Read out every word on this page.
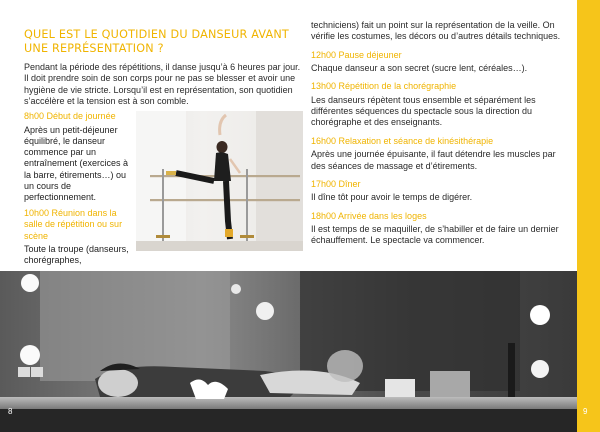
QUEL EST LE QUOTIDIEN DU DANSEUR AVANT UNE REPRÉSENTATION ?
Pendant la période des répétitions, il danse jusqu’à 6 heures par jour. Il doit prendre soin de son corps pour ne pas se blesser et avoir une hygiène de vie stricte. Lorsqu’il est en représentation, son quotidien s’accélère et la tension est à son comble.
8h00 Début de journée
Après un petit-déjeuner équilibré, le danseur commence par un entraînement (exercices à la barre, étirements…) ou un cours de perfectionnement.
10h00 Réunion dans la salle de répétition ou sur scène
Toute la troupe (danseurs, chorégraphes,
techniciens) fait un point sur la représentation de la veille. On vérifie les costumes, les décors ou d’autres détails techniques.
12h00 Pause déjeuner
Chaque danseur a son secret (sucre lent, céréales…).
13h00 Répétition de la chorégraphie
Les danseurs répètent tous ensemble et séparément les différentes séquences du spectacle sous la direction du chorégraphe et des enseignants.
16h00 Relaxation et séance de kinésithérapie
Après une journée épuisante, il faut détendre les muscles par des séances de massage et d’étirements.
17h00 Dîner
Il dîne tôt pour avoir le temps de digérer.
18h00 Arrivée dans les loges
Il est temps de se maquiller, de s’habiller et de faire un dernier échauffement. Le spectacle va commencer.
8	9
